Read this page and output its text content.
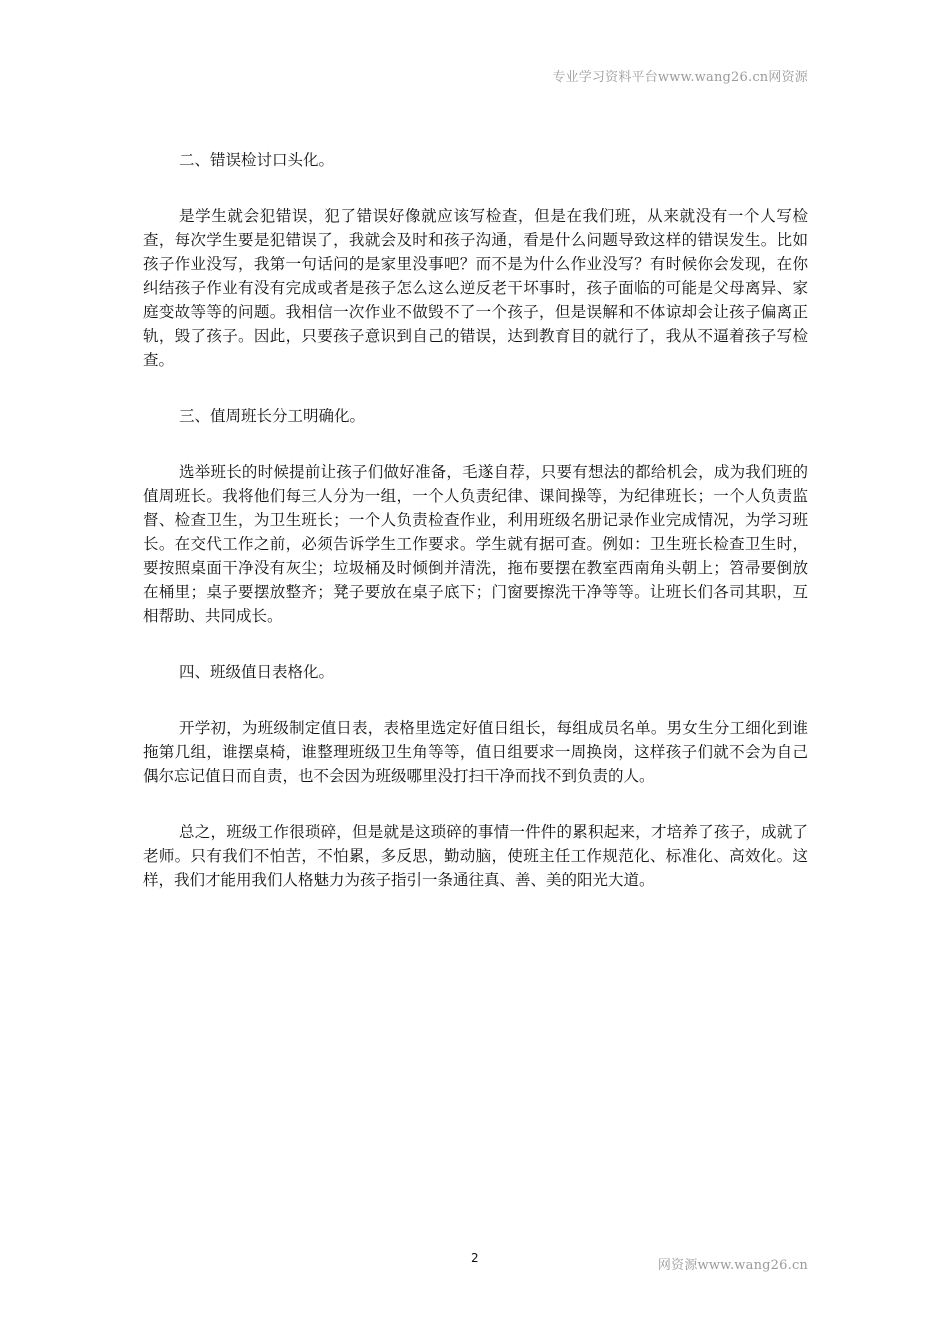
专业学习资料平台www.wang26.cn网资源

二、错误检讨口头化。

是学生就会犯错误，犯了错误好像就应该写检查，但是在我们班，从来就没有一个人写检查，每次学生要是犯错误了，我就会及时和孩子沟通，看是什么问题导致这样的错误发生。比如孩子作业没写，我第一句话问的是家里没事吧？而不是为什么作业没写？有时候你会发现，在你纠结孩子作业有没有完成或者是孩子怎么这么逆反老干坏事时，孩子面临的可能是父母离异、家庭变故等等的问题。我相信一次作业不做毁不了一个孩子，但是误解和不体谅却会让孩子偏离正轨，毁了孩子。因此，只要孩子意识到自己的错误，达到教育目的就行了，我从不逼着孩子写检查。

三、值周班长分工明确化。

选举班长的时候提前让孩子们做好准备，毛遂自荐，只要有想法的都给机会，成为我们班的值周班长。我将他们每三人分为一组，一个人负责纪律、课间操等，为纪律班长；一个人负责监督、检查卫生，为卫生班长；一个人负责检查作业，利用班级名册记录作业完成情况，为学习班长。在交代工作之前，必须告诉学生工作要求。学生就有据可查。例如：卫生班长检查卫生时，要按照桌面干净没有灰尘；垃圾桶及时倾倒并清洗，拖布要摆在教室西南角头朝上；笤帚要倒放在桶里；桌子要摆放整齐；凳子要放在桌子底下；门窗要擦洗干净等等。让班长们各司其职，互相帮助、共同成长。

四、班级值日表格化。

开学初，为班级制定值日表，表格里选定好值日组长，每组成员名单。男女生分工细化到谁拖第几组，谁摆桌椅，谁整理班级卫生角等等，值日组要求一周换岗，这样孩子们就不会为自己偶尔忘记值日而自责，也不会因为班级哪里没打扫干净而找不到负责的人。

总之，班级工作很琐碎，但是就是这琐碎的事情一件件的累积起来，才培养了孩子，成就了老师。只有我们不怕苦，不怕累，多反思，勤动脑，使班主任工作规范化、标准化、高效化。这样，我们才能用我们人格魅力为孩子指引一条通往真、善、美的阳光大道。

2	网资源www.wang26.cn
